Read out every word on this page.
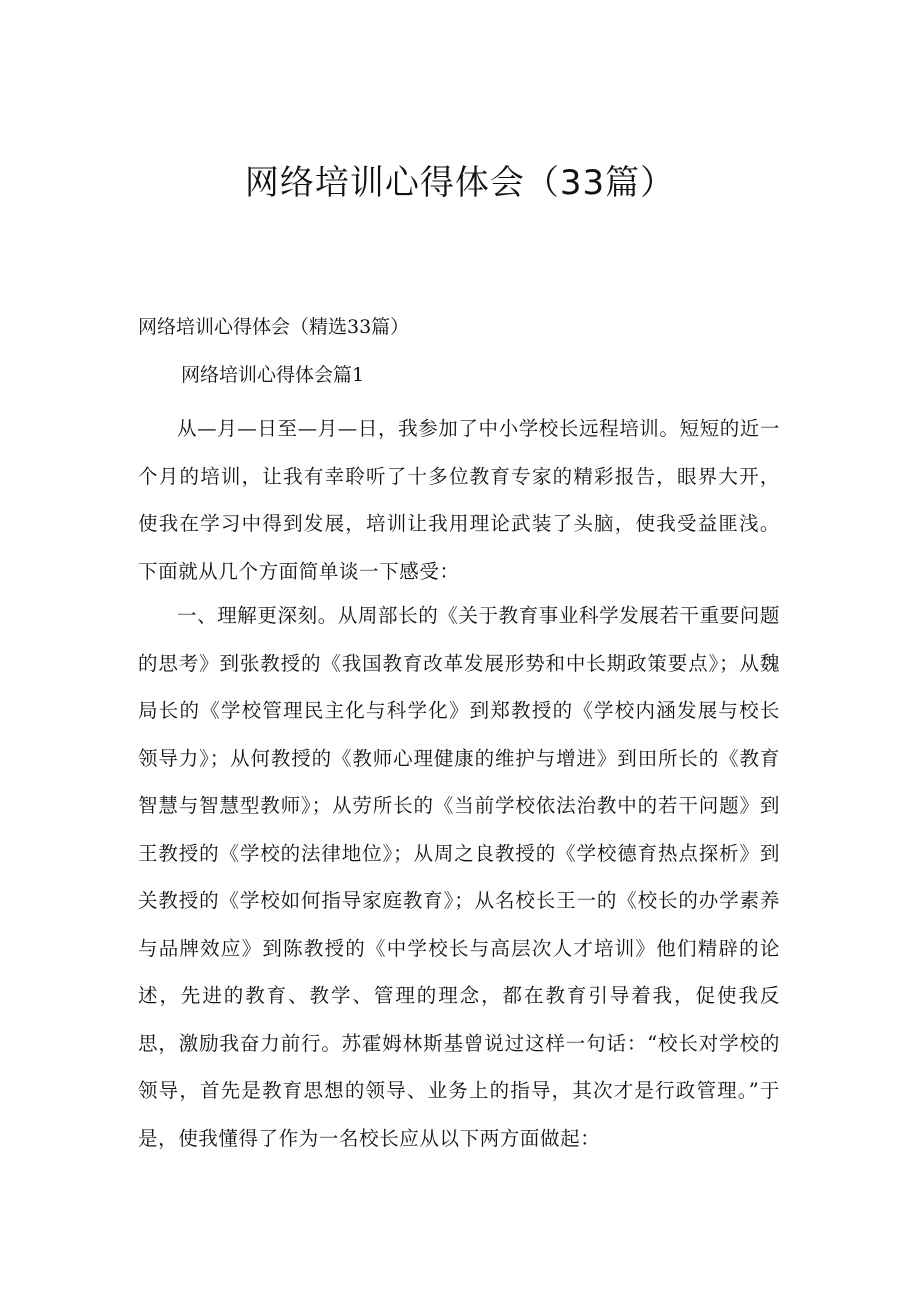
网络培训心得体会（33篇）

网络培训心得体会（精选33篇）

网络培训心得体会篇1

从—月—日至—月—日，我参加了中小学校长远程培训。短短的近一个月的培训，让我有幸聆听了十多位教育专家的精彩报告，眼界大开，使我在学习中得到发展，培训让我用理论武装了头脑，使我受益匪浅。下面就从几个方面简单谈一下感受：

一、理解更深刻。从周部长的《关于教育事业科学发展若干重要问题的思考》到张教授的《我国教育改革发展形势和中长期政策要点》；从魏局长的《学校管理民主化与科学化》到郑教授的《学校内涵发展与校长领导力》；从何教授的《教师心理健康的维护与增进》到田所长的《教育智慧与智慧型教师》；从劳所长的《当前学校依法治教中的若干问题》到王教授的《学校的法律地位》；从周之良教授的《学校德育热点探析》到关教授的《学校如何指导家庭教育》；从名校长王一的《校长的办学素养与品牌效应》到陈教授的《中学校长与高层次人才培训》他们精辟的论述，先进的教育、教学、管理的理念，都在教育引导着我，促使我反思，激励我奋力前行。苏霍姆林斯基曾说过这样一句话：“校长对学校的领导，首先是教育思想的领导、业务上的指导，其次才是行政管理。”于是，使我懂得了作为一名校长应从以下两方面做起：
